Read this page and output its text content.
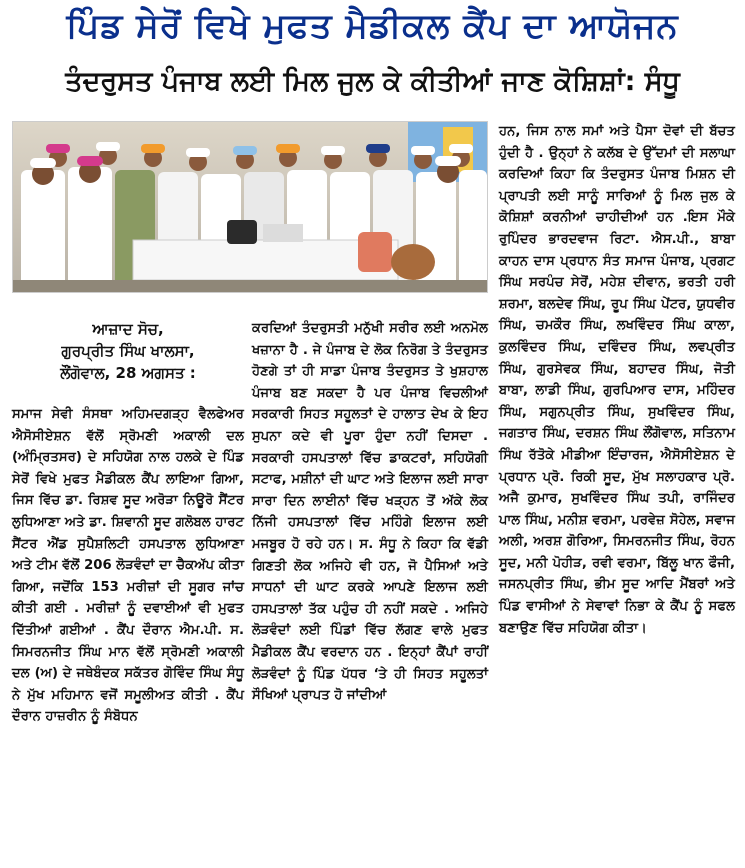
ਪਿੰਡ ਸੇਰੋਂ ਵਿਖੇ ਮੁਫਤ ਮੈਡੀਕਲ ਕੈਂਪ ਦਾ ਆਯੋਜਨ
ਤੰਦਰੁਸਤ ਪੰਜਾਬ ਲਈ ਮਿਲ ਜੁਲ ਕੇ ਕੀਤੀਆਂ ਜਾਣ ਕੋਸ਼ਿਸ਼ਾਂ: ਸੰਧੂ
ਆਜ਼ਾਦ ਸੋਚ,
ਗੁਰਪ੍ਰੀਤ ਸਿੰਘ ਖਾਲਸਾ,
ਲੌਂਗੋਵਾਲ, 28 ਅਗਸਤ :

ਸਮਾਜ ਸੇਵੀ ਸੰਸਥਾ ਅਹਿਮਦਗੜ੍ਹ ਵੈਲਫੇਅਰ ਐਸੋਸੀਏਸ਼ਨ ਵੱਲੋਂ ਸ੍ਰੋਮਣੀ ਅਕਾਲੀ ਦਲ (ਅੰਮ੍ਰਿਤਸਰ) ਦੇ ਸਹਿਯੋਗ ਨਾਲ ਹਲਕੇ ਦੇ ਪਿੰਡ ਸੇਰੋਂ ਵਿਖੇ ਮੁਫਤ ਮੈਡੀਕਲ ਕੈਂਪ ਲਾਇਆ ਗਿਆ, ਜਿਸ ਵਿੱਚ ਡਾ. ਰਿਸ਼ਵ ਸੂਦ ਅਰੋੜਾ ਨਿਊਰੋ ਸੈਂਟਰ ਲੁਧਿਆਣਾ ਅਤੇ ਡਾ. ਸ਼ਿਵਾਨੀ ਸੂਦ ਗਲੋਬਲ ਹਾਰਟ ਸੈਂਟਰ ਐਂਡ ਸੁਪੈਸ਼ਲਿਟੀ ਹਸਪਤਾਲ ਲੁਧਿਆਣਾ ਅਤੇ ਟੀਮ ਵੱਲੋਂ 206 ਲੋੜਵੰਦਾਂ ਦਾ ਚੈਕਅੱਪ ਕੀਤਾ ਗਿਆ, ਜਦੋਂਕਿ 153 ਮਰੀਜ਼ਾਂ ਦੀ ਸੂਗਰ ਜਾਂਚ ਕੀਤੀ ਗਈ . ਮਰੀਜ਼ਾਂ ਨੂੰ ਦਵਾਈਆਂ ਵੀ ਮੁਫਤ ਦਿੱਤੀਆਂ ਗਈਆਂ . ਕੈਂਪ ਦੌਰਾਨ ਐਮ.ਪੀ. ਸ. ਸਿਮਰਨਜੀਤ ਸਿੰਘ ਮਾਨ ਵੱਲੋਂ ਸ੍ਰੋਮਣੀ ਅਕਾਲੀ ਦਲ (ਅ) ਦੇ ਜਥੇਬੰਦਕ ਸਕੱਤਰ ਗੋਵਿੰਦ ਸਿੰਘ ਸੰਧੂ ਨੇ ਮੁੱਖ ਮਹਿਮਾਨ ਵਜੋਂ ਸਮੂਲੀਅਤ ਕੀਤੀ . ਕੈਂਪ ਦੌਰਾਨ ਹਾਜ਼ਰੀਨ ਨੂੰ ਸੰਬੋਧਨ

ਕਰਦਿਆਂ ਤੰਦਰੁਸਤੀ ਮਨੁੱਖੀ ਸਰੀਰ ਲਈ ਅਨਮੋਲ ਖਜ਼ਾਨਾ ਹੈ . ਜੇ ਪੰਜਾਬ ਦੇ ਲੋਕ ਨਿਰੋਗ ਤੇ ਤੰਦਰੁਸਤ ਹੋਣਗੇ ਤਾਂ ਹੀ ਸਾਡਾ ਪੰਜਾਬ ਤੰਦਰੁਸਤ ਤੇ ਖੁਸ਼ਹਾਲ ਪੰਜਾਬ ਬਣ ਸਕਦਾ ਹੈ ਪਰ ਪੰਜਾਬ ਵਿਚਲੀਆਂ ਸਰਕਾਰੀ ਸਿਹਤ ਸਹੂਲਤਾਂ ਦੇ ਹਾਲਾਤ ਦੇਖ ਕੇ ਇਹ ਸੁਪਨਾ ਕਦੇ ਵੀ ਪੂਰਾ ਹੁੰਦਾ ਨਹੀਂ ਦਿਸਦਾ . ਸਰਕਾਰੀ ਹਸਪਤਾਲਾਂ ਵਿੱਚ ਡਾਕਟਰਾਂ, ਸਹਿਯੋਗੀ ਸਟਾਫ, ਮਸ਼ੀਨਾਂ ਦੀ ਘਾਟ ਅਤੇ ਇਲਾਜ ਲਈ ਸਾਰਾ ਸਾਰਾ ਦਿਨ ਲਾਈਨਾਂ ਵਿੱਚ ਖੜ੍ਹਨ ਤੋਂ ਅੱਕੇ ਲੋਕ ਨਿੱਜੀ ਹਸਪਤਾਲਾਂ ਵਿੱਚ ਮਹਿੰਗੇ ਇਲਾਜ ਲਈ ਮਜਬੂਰ ਹੋ ਰਹੇ ਹਨ। ਸ. ਸੰਧੂ ਨੇ ਕਿਹਾ ਕਿ ਵੱਡੀ ਗਿਣਤੀ ਲੋਕ ਅਜਿਹੇ ਵੀ ਹਨ, ਜੋ ਪੈਸਿਆਂ ਅਤੇ ਸਾਧਨਾਂ ਦੀ ਘਾਟ ਕਰਕੇ ਆਪਣੇ ਇਲਾਜ ਲਈ ਹਸਪਤਾਲਾਂ ਤੱਕ ਪਹੁੰਚ ਹੀ ਨਹੀਂ ਸਕਦੇ . ਅਜਿਹੇ ਲੋੜਵੰਦਾਂ ਲਈ ਪਿੰਡਾਂ ਵਿੱਚ ਲੱਗਣ ਵਾਲੇ ਮੁਫਤ ਮੈਡੀਕਲ ਕੈਂਪ ਵਰਦਾਨ ਹਨ . ਇਨ੍ਹਾਂ ਕੈਂਪਾਂ ਰਾਹੀਂ ਲੋੜਵੰਦਾਂ ਨੂੰ ਪਿੰਡ ਪੱਧਰ ‘ਤੇ ਹੀ ਸਿਹਤ ਸਹੂਲਤਾਂ ਸੌਖਿਆਂ ਪ੍ਰਾਪਤ ਹੋ ਜਾਂਦੀਆਂ

ਹਨ, ਜਿਸ ਨਾਲ ਸਮਾਂ ਅਤੇ ਪੈਸਾ ਦੋਵਾਂ ਦੀ ਬੱਚਤ ਹੁੰਦੀ ਹੈ . ਉਨ੍ਹਾਂ ਨੇ ਕਲੱਬ ਦੇ ਉੱਦਮਾਂ ਦੀ ਸਲਾਘਾ ਕਰਦਿਆਂ ਕਿਹਾ ਕਿ ਤੰਦਰੁਸਤ ਪੰਜਾਬ ਮਿਸ਼ਨ ਦੀ ਪ੍ਰਾਪਤੀ ਲਈ ਸਾਨੂੰ ਸਾਰਿਆਂ ਨੂੰ ਮਿਲ ਜੁਲ ਕੇ ਕੋਸ਼ਿਸ਼ਾਂ ਕਰਨੀਆਂ ਚਾਹੀਦੀਆਂ ਹਨ .ਇਸ ਮੌਕੇ ਰੁਪਿੰਦਰ ਭਾਰਦਵਾਜ ਰਿਟਾ. ਐਸ.ਪੀ., ਬਾਬਾ ਕਾਹਨ ਦਾਸ ਪ੍ਰਧਾਨ ਸੰਤ ਸਮਾਜ ਪੰਜਾਬ, ਪ੍ਰਗਟ ਸਿੰਘ ਸਰਪੰਚ ਸੇਰੋਂ, ਮਹੇਸ਼ ਦੀਵਾਨ, ਭਰਤੀ ਹਰੀ ਸ਼ਰਮਾ, ਬਲਦੇਵ ਸਿੰਘ, ਰੂਪ ਸਿੰਘ ਪੇਂਟਰ, ਯੁਧਵੀਰ ਸਿੰਘ, ਚਮਕੌਰ ਸਿੰਘ, ਲਖਵਿੰਦਰ ਸਿੰਘ ਕਾਲਾ, ਕੁਲਵਿੰਦਰ ਸਿੰਘ, ਦਵਿੰਦਰ ਸਿੰਘ, ਲਵਪ੍ਰੀਤ ਸਿੰਘ, ਗੁਰਸੇਵਕ ਸਿੰਘ, ਬਹਾਦਰ ਸਿੰਘ, ਜੋਤੀ ਬਾਬਾ, ਲਾਡੀ ਸਿੰਘ, ਗੁਰਪਿਆਰ ਦਾਸ, ਮਹਿੰਦਰ ਸਿੰਘ, ਸਗੁਨਪ੍ਰੀਤ ਸਿੰਘ, ਸੁਖਵਿੰਦਰ ਸਿੰਘ, ਜਗਤਾਰ ਸਿੰਘ, ਦਰਸ਼ਨ ਸਿੰਘ ਲੌਂਗੋਵਾਲ, ਸਤਿਨਾਮ ਸਿੰਘ ਰੱਤੋਕੇ ਮੀਡੀਆ ਇੰਚਾਰਜ, ਐਸੋਸੀਏਸ਼ਨ ਦੇ ਪ੍ਰਧਾਨ ਪ੍ਰੋ. ਰਿਕੀ ਸੂਦ, ਮੁੱਖ ਸਲਾਹਕਾਰ ਪ੍ਰੋ. ਅਜੈ ਕੁਮਾਰ, ਸੁਖਵਿੰਦਰ ਸਿੰਘ ਤਪੀ, ਰਾਜਿੰਦਰ ਪਾਲ ਸਿੰਘ, ਮਨੀਸ਼ ਵਰਮਾ, ਪਰਵੇਜ਼ ਸੋਹੇਲ, ਸਵਾਜ ਅਲੀ, ਅਰਸ਼ ਗੋਰਿਆ, ਸਿਮਰਨਜੀਤ ਸਿੰਘ, ਰੋਹਨ ਸੂਦ, ਮਨੀ ਪੋਹੀੜ, ਰਵੀ ਵਰਮਾ, ਬਿੱਲੂ ਖਾਨ ਫੌਜੀ, ਜਸਨਪ੍ਰੀਤ ਸਿੰਘ, ਭੀਮ ਸੂਦ ਆਦਿ ਮੈਂਬਰਾਂ ਅਤੇ ਪਿੰਡ ਵਾਸੀਆਂ ਨੇ ਸੇਵਾਵਾਂ ਨਿਭਾ ਕੇ ਕੈਂਪ ਨੂੰ ਸਫਲ ਬਣਾਉਣ ਵਿੱਚ ਸਹਿਯੋਗ ਕੀਤਾ।
